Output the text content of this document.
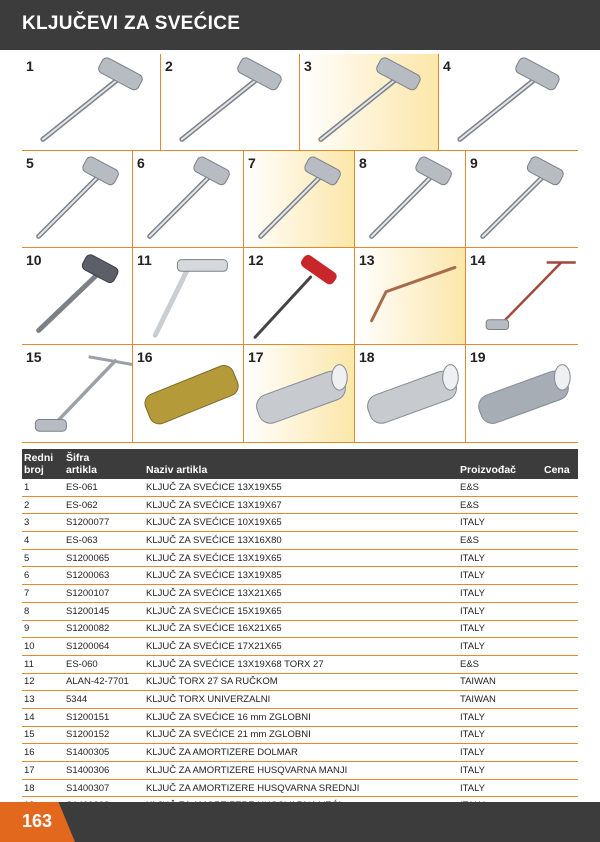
KLJUČEVI ZA SVEĆICE
1	2	3	4
5	6	7	8	9
10	11	12	13	14
15	16	17	18	19
Redni broj	Šifra artikla	Naziv artikla	Proizvođač	Cena
1	ES-061	KLJUČ ZA SVEĆICE 13X19X55	E&S	
2	ES-062	KLJUČ ZA SVEĆICE 13X19X67	E&S	
3	S1200077	KLJUČ ZA SVEĆICE 10X19X65	ITALY	
4	ES-063	KLJUČ ZA SVEĆICE 13X16X80	E&S	
5	S1200065	KLJUČ ZA SVEĆICE 13X19X65	ITALY	
6	S1200063	KLJUČ ZA SVEĆICE 13X19X85	ITALY	
7	S1200107	KLJUČ ZA SVEĆICE 13X21X65	ITALY	
8	S1200145	KLJUČ ZA SVEĆICE 15X19X65	ITALY	
9	S1200082	KLJUČ ZA SVEĆICE 16X21X65	ITALY	
10	S1200064	KLJUČ ZA SVEĆICE 17X21X65	ITALY	
11	ES-060	KLJUČ ZA SVEĆICE 13X19X68 TORX 27	E&S	
12	ALAN-42-7701	KLJUČ TORX 27 SA RUČKOM	TAIWAN	
13	5344	KLJUČ TORX UNIVERZALNI	TAIWAN	
14	S1200151	KLJUČ ZA SVEĆICE 16 mm ZGLOBNI	ITALY	
15	S1200152	KLJUČ ZA SVEĆICE 21 mm ZGLOBNI	ITALY	
16	S1400305	KLJUČ ZA AMORTIZERE DOLMAR	ITALY	
17	S1400306	KLJUČ ZA AMORTIZERE HUSQVARNA MANJI	ITALY	
18	S1400307	KLJUČ ZA AMORTIZERE HUSQVARNA SREDNJI	ITALY	

163
